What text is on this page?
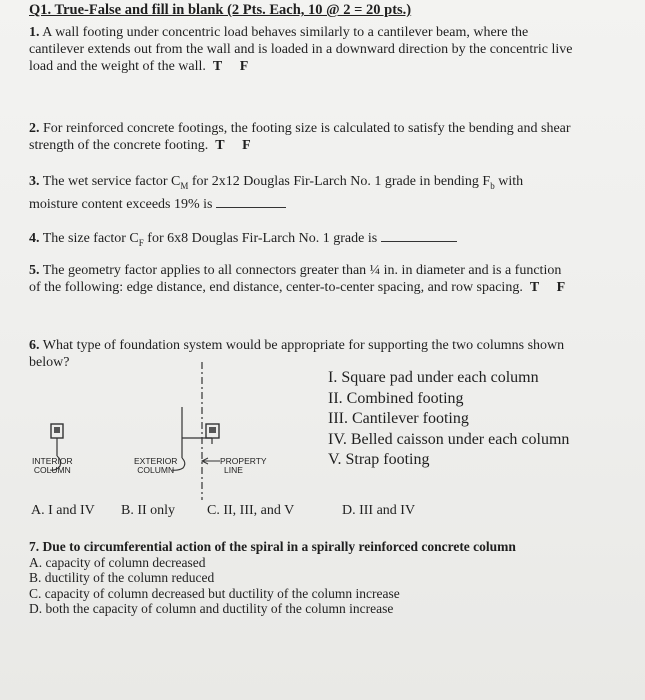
Q1. True-False and fill in blank (2 Pts. Each, 10 @ 2 = 20 pts.)
1. A wall footing under concentric load behaves similarly to a cantilever beam, where the
cantilever extends out from the wall and is loaded in a downward direction by the concentric live
load and the weight of the wall. T F
2. For reinforced concrete footings, the footing size is calculated to satisfy the bending and shear
strength of the concrete footing. T F
3. The wet service factor $C_M$ for 2x12 Douglas Fir-Larch No. 1 grade in bending $F_b$ with
moisture content exceeds 19% is
4. The size factor $C_F$ for 6x8 Douglas Fir-Larch No. 1 grade is
5. The geometry factor applies to all connectors greater than ¼ in. in diameter and is a function
of the following: edge distance, end distance, center-to-center spacing, and row spacing. T F
6. What type of foundation system would be appropriate for supporting the two columns shown
below?
INTERIOR
COLUMN
EXTERIOR
COLUMN
PROPERTY
LINE
I. Square pad under each column
II. Combined footing
III. Cantilever footing
IV. Belled caisson under each column
V. Strap footing
A. I and IV B. II only C. II, III, and V	D. III and IV
7. Due to circumferential action of the spiral in a spirally reinforced concrete column
A. capacity of column decreased
B. ductility of the column reduced
C. capacity of column decreased but ductility of the column increase
D. both the capacity of column and ductility of the column increase
